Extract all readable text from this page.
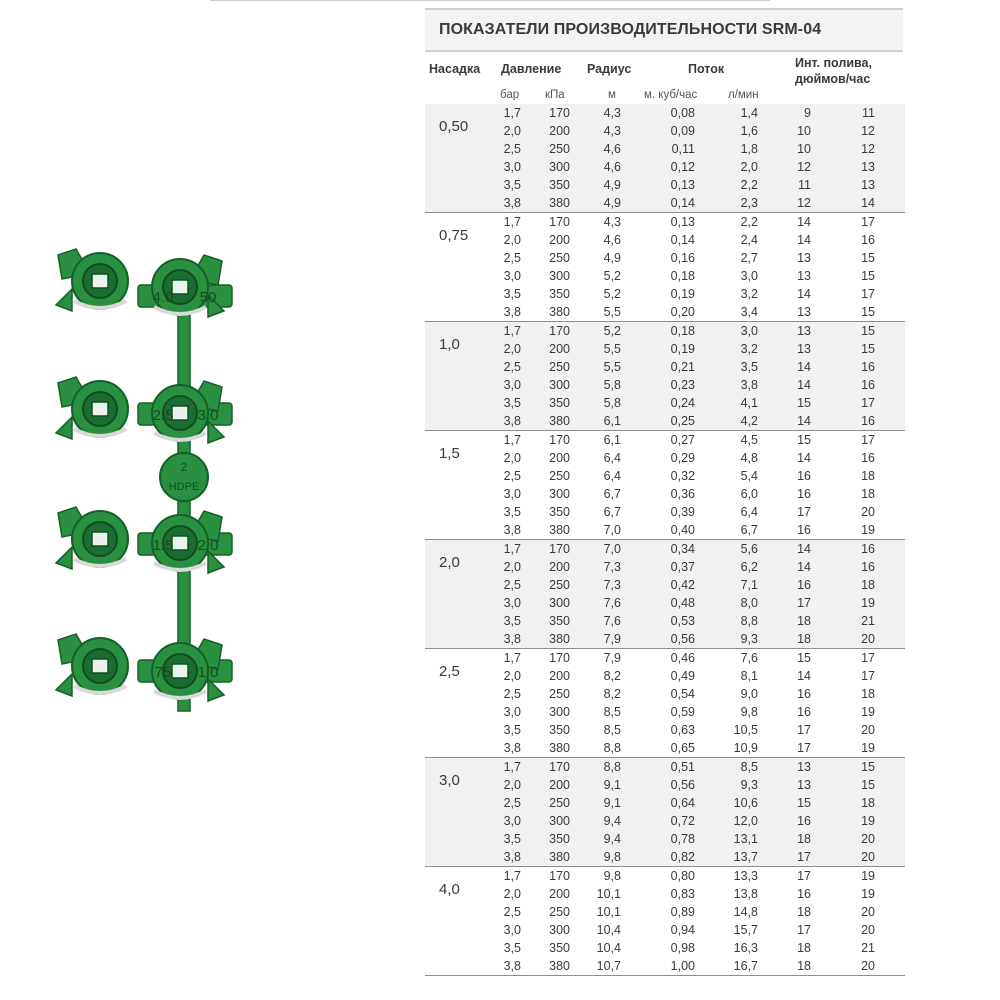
2
HDPE
4.0 50
2.5 3.0
1.5 2.0
75 1.0
ПОКАЗАТЕЛИ ПРОИЗВОДИТЕЛЬНОСТИ SRM-04
Насадка Давление Радиус	Поток	Инт. полива,
дюймов/час
бар кПа	м м. куб/час	л/мин
0,50
1,7 170	4,3	0,08	1,4	9	11
2,0 200	4,3	0,09	1,6	10	12
2,5 250	4,6	0,11	1,8	10	12
3,0 300	4,6	0,12	2,0	12	13
3,5 350	4,9	0,13	2,2	11	13
3,8 380	4,9	0,14	2,3	12	14
0,75
1,7 170	4,3	0,13	2,2	14	17
2,0 200	4,6	0,14	2,4	14	16
2,5 250	4,9	0,16	2,7	13	15
3,0 300	5,2	0,18	3,0	13	15
3,5 350	5,2	0,19	3,2	14	17
3,8 380	5,5	0,20	3,4	13	15
1,0
1,7 170	5,2	0,18	3,0	13	15
2,0 200	5,5	0,19	3,2	13	15
2,5 250	5,5	0,21	3,5	14	16
3,0 300	5,8	0,23	3,8	14	16
3,5 350	5,8	0,24	4,1	15	17
3,8 380	6,1	0,25	4,2	14	16
1,5
1,7 170	6,1	0,27	4,5	15	17
2,0 200	6,4	0,29	4,8	14	16
2,5 250	6,4	0,32	5,4	16	18
3,0 300	6,7	0,36	6,0	16	18
3,5 350	6,7	0,39	6,4	17	20
3,8 380	7,0	0,40	6,7	16	19
2,0
1,7 170	7,0	0,34	5,6	14	16
2,0 200	7,3	0,37	6,2	14	16
2,5 250	7,3	0,42	7,1	16	18
3,0 300	7,6	0,48	8,0	17	19
3,5 350	7,6	0,53	8,8	18	21
3,8 380	7,9	0,56	9,3	18	20
2,5
1,7 170	7,9	0,46	7,6	15	17
2,0 200	8,2	0,49	8,1	14	17
2,5 250	8,2	0,54	9,0	16	18
3,0 300	8,5	0,59	9,8	16	19
3,5 350	8,5	0,63	10,5	17	20
3,8 380	8,8	0,65	10,9	17	19
3,0
1,7 170	8,8	0,51	8,5	13	15
2,0 200	9,1	0,56	9,3	13	15
2,5 250	9,1	0,64	10,6	15	18
3,0 300	9,4	0,72	12,0	16	19
3,5 350	9,4	0,78	13,1	18	20
3,8 380	9,8	0,82	13,7	17	20
4,0
1,7 170	9,8	0,80	13,3	17	19
2,0 200 10,1	0,83	13,8	16	19
2,5 250 10,1	0,89	14,8	18	20
3,0 300 10,4	0,94	15,7	17	20
3,5 350 10,4	0,98	16,3	18	21
3,8 380 10,7	1,00	16,7	18	20
